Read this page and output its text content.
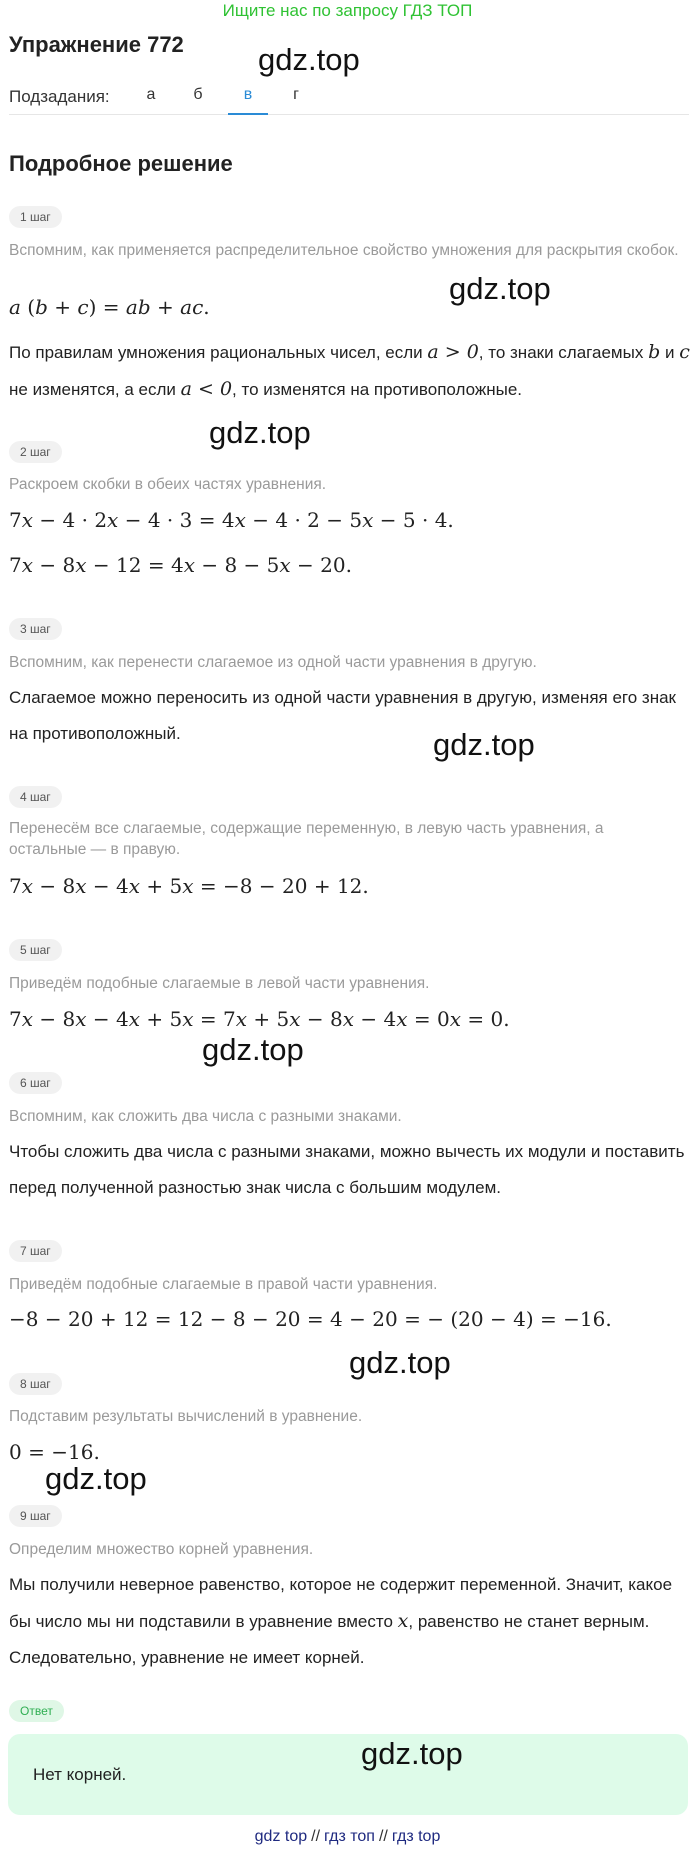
Ищите нас по запросу ГДЗ ТОП
Упражнение 772
Подзадания:	а	б	в	г
Подробное решение
1 шаг
Вспомним, как применяется распределительное свойство умножения для раскрытия скобок.
a (b + c) = ab + ac.
По правилам умножения рациональных чисел, если a > 0, то знаки слагаемых b и c не изменятся, а если a < 0, то изменятся на противоположные.
2 шаг
Раскроем скобки в обеих частях уравнения.
7x − 4 · 2x − 4 · 3 = 4x − 4 · 2 − 5x − 5 · 4.
7x − 8x − 12 = 4x − 8 − 5x − 20.
3 шаг
Вспомним, как перенести слагаемое из одной части уравнения в другую.
Слагаемое можно переносить из одной части уравнения в другую, изменяя его знак на противоположный.
4 шаг
Перенесём все слагаемые, содержащие переменную, в левую часть уравнения, а остальные — в правую.
7x − 8x − 4x + 5x = −8 − 20 + 12.
5 шаг
Приведём подобные слагаемые в левой части уравнения.
7x − 8x − 4x + 5x = 7x + 5x − 8x − 4x = 0x = 0.
6 шаг
Вспомним, как сложить два числа с разными знаками.
Чтобы сложить два числа с разными знаками, можно вычесть их модули и поставить перед полученной разностью знак числа с большим модулем.
7 шаг
Приведём подобные слагаемые в правой части уравнения.
−8 − 20 + 12 = 12 − 8 − 20 = 4 − 20 = − (20 − 4) = −16.
8 шаг
Подставим результаты вычислений в уравнение.
0 = −16.
9 шаг
Определим множество корней уравнения.
Мы получили неверное равенство, которое не содержит переменной. Значит, какое бы число мы ни подставили в уравнение вместо x, равенство не станет верным. Следовательно, уравнение не имеет корней.
Ответ
Нет корней.
gdz.top
gdz.top
gdz.top
gdz.top
gdz.top
gdz.top
gdz.top
gdz.top
gdz top // гдз топ // гдз top
